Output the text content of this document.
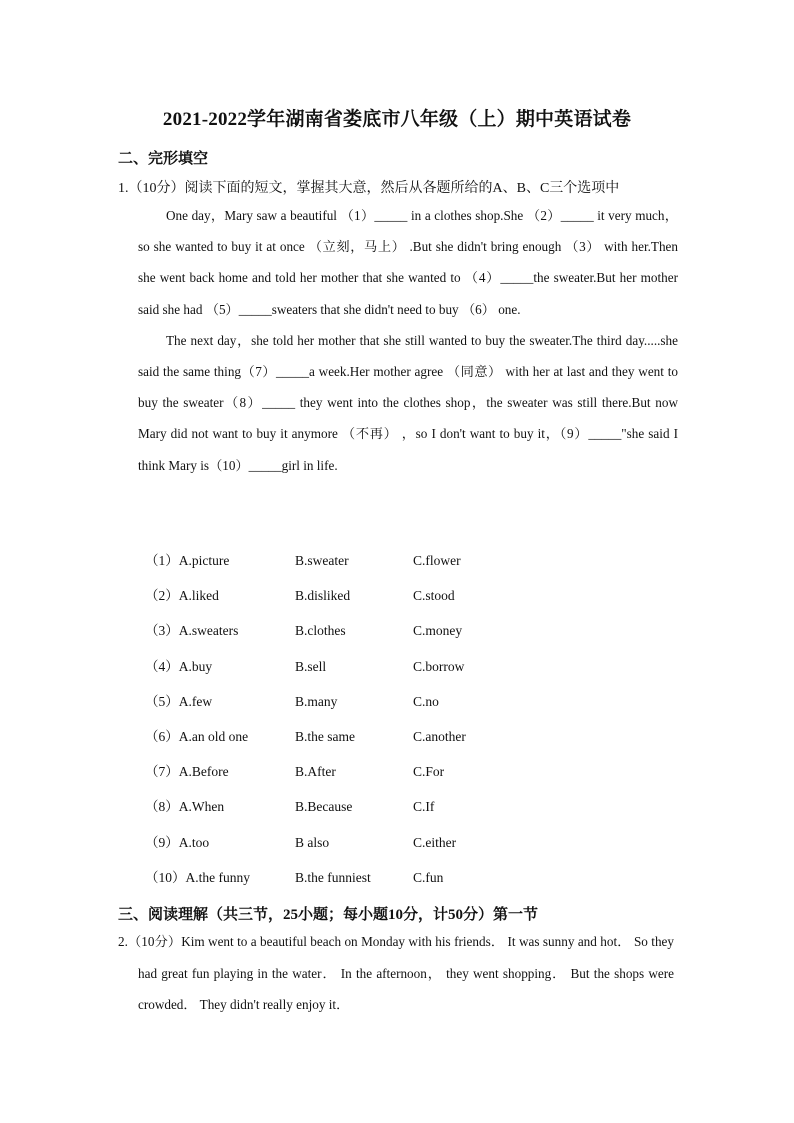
2021-2022学年湖南省娄底市八年级（上）期中英语试卷
二、完形填空
1.（10分）阅读下面的短文，掌握其大意，然后从各题所给的A、B、C三个选项中

One day，Mary saw a beautiful （1）_____ in a clothes shop.She （2）_____ it very much，so she wanted to buy it at once （立刻，马上） .But she didn't bring enough （3） with her.Then she went back home and told her mother that she wanted to （4）_____the sweater.But her mother said she had （5）_____sweaters that she didn't need to buy （6） one.

The next day，she told her mother that she still wanted to buy the sweater.The third day.....she said the same thing（7）_____a week.Her mother agree （同意） with her at last and they went to buy the sweater（8）_____ they went into the clothes shop，the sweater was still there.But now Mary did not want to buy it anymore （不再） ，so I don't want to buy it，（9）_____"she said I think Mary is（10）_____girl in life.

（1）A.picture	B.sweater	C.flower
（2）A.liked	B.disliked	C.stood
（3）A.sweaters	B.clothes	C.money
（4）A.buy	B.sell	C.borrow
（5）A.few	B.many	C.no
（6）A.an old one	B.the same	C.another
（7）A.Before	B.After	C.For
（8）A.When	B.Because	C.If
（9）A.too	B also	C.either
（10）A.the funny	B.the funniest	C.fun
三、阅读理解（共三节，25小题；每小题10分，计50分）第一节
2.（10分）Kim went to a beautiful beach on Monday with his friends． It was sunny and hot． So they had great fun playing in the water． In the afternoon， they went shopping． But the shops were crowded． They didn't really enjoy it．
